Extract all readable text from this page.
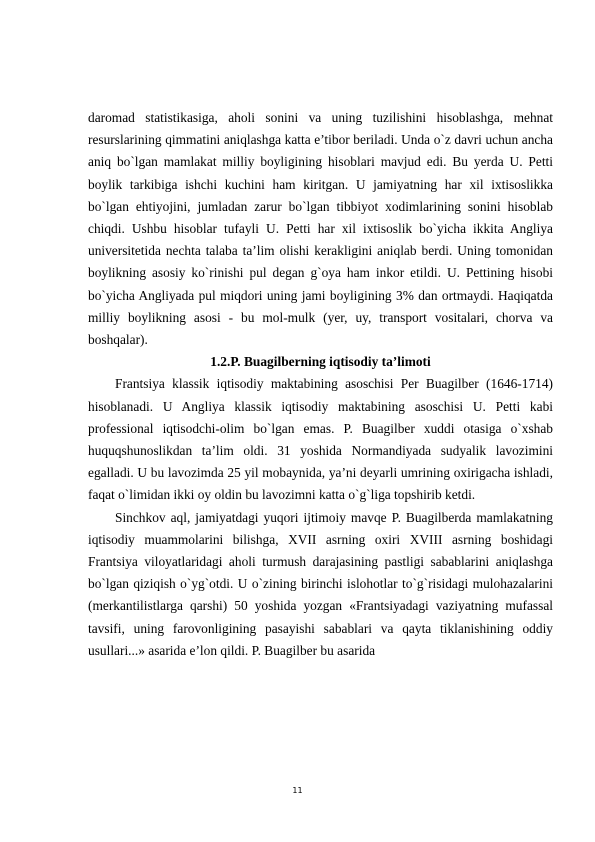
daromad statistikasiga, aholi sonini va uning tuzilishini hisoblashga, mehnat resurslarining qimmatini aniqlashga katta e’tibor beriladi. Unda o`z davri uchun ancha aniq bo`lgan mamlakat milliy boyligining hisoblari mavjud edi. Bu yerda U. Petti boylik tarkibiga ishchi kuchini ham kiritgan. U jamiyatning har xil ixtisoslikka bo`lgan ehtiyojini, jumladan zarur bo`lgan tibbiyot xodimlarining sonini hisoblab chiqdi. Ushbu hisoblar tufayli U. Petti har xil ixtisoslik bo`yicha ikkita Angliya universitetida nechta talaba ta’lim olishi kerakligini aniqlab berdi. Uning tomonidan boylikning asosiy ko`rinishi pul degan g`oya ham inkor etildi. U. Pettining hisobi bo`yicha Angliyada pul miqdori uning jami boyligining 3% dan ortmaydi. Haqiqatda milliy boylikning asosi - bu mol-mulk (yer, uy, transport vositalari, chorva va boshqalar).

1.2.P. Buagilberning iqtisodiy ta’limoti

Frantsiya klassik iqtisodiy maktabining asoschisi Per Buagilber (1646-1714) hisoblanadi. U Angliya klassik iqtisodiy maktabining asoschisi U. Petti kabi professional iqtisodchi-olim bo`lgan emas. P. Buagilber xuddi otasiga o`xshab huquqshunoslikdan ta’lim oldi. 31 yoshida Normandiyada sudyalik lavozimini egalladi. U bu lavozimda 25 yil mobaynida, ya’ni deyarli umrining oxirigacha ishladi, faqat o`limidan ikki oy oldin bu lavozimni katta o`g`liga topshirib ketdi.

Sinchkov aql, jamiyatdagi yuqori ijtimoiy mavqe P. Buagilberda mamlakatning iqtisodiy muammolarini bilishga, XVII asrning oxiri XVIII asrning boshidagi Frantsiya viloyatlaridagi aholi turmush darajasining pastligi sabablarini aniqlashga bo`lgan qiziqish o`yg`otdi. U o`zining birinchi islohotlar to`g`risidagi mulohazalarini (merkantilistlarga qarshi) 50 yoshida yozgan «Frantsiyadagi vaziyatning mufassal tavsifi, uning farovonligining pasayishi sabablari va qayta tiklanishining oddiy usullari...» asarida e’lon qildi. P. Buagilber bu asarida

11
